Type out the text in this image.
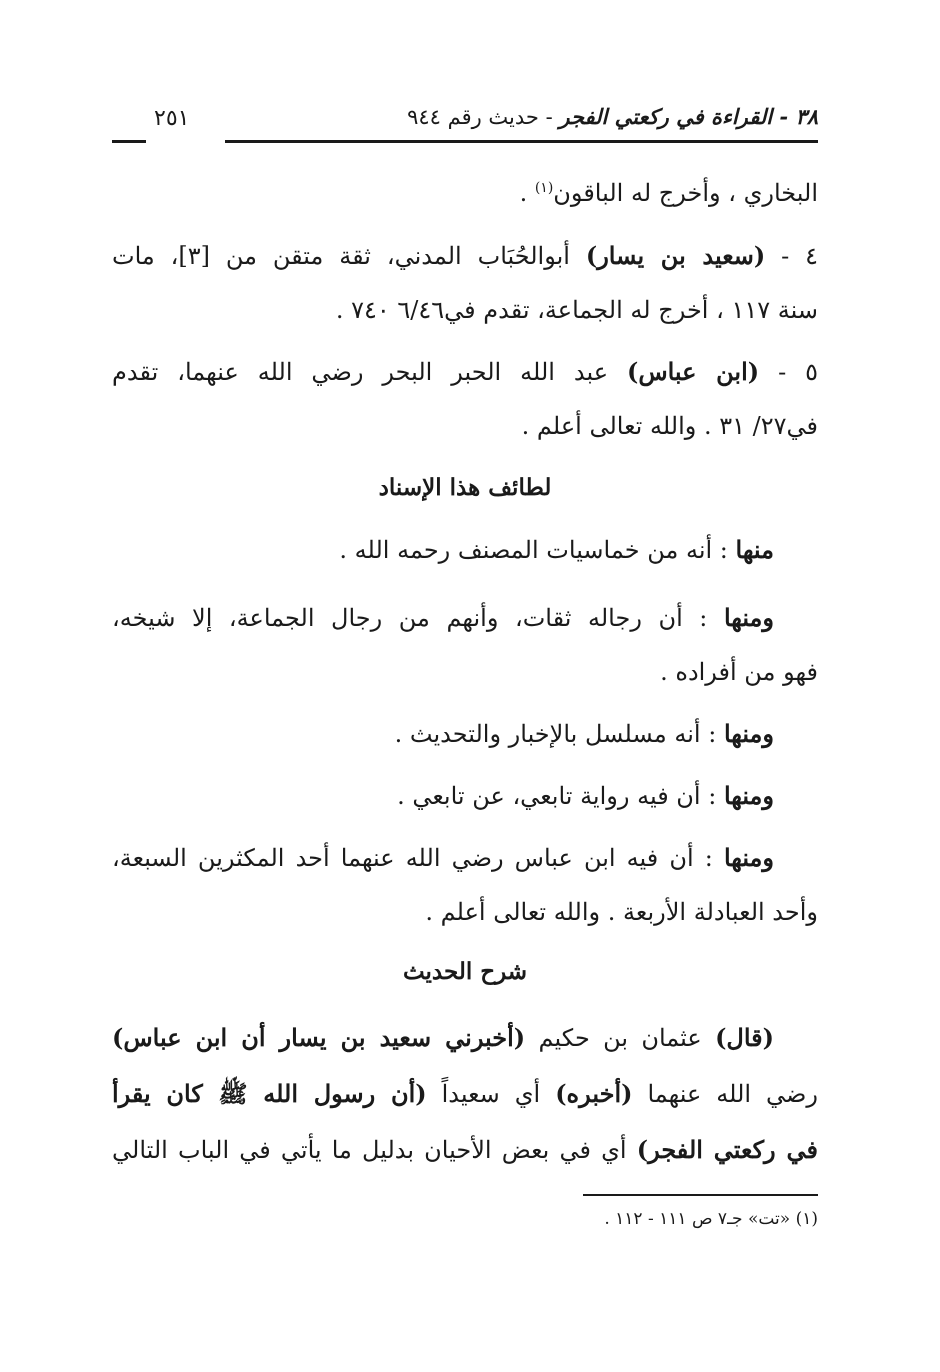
٣٨ - القراءة في ركعتي الفجر - حديث رقم ٩٤٤
٢٥١
البخاري ، وأخرج له الباقون$^{(١)}$ .
٤ - (سعيد بن يسار) أبوالحُبَاب المدني، ثقة متقن من [٣]، مات
سنة ١١٧ ، أخرج له الجماعة، تقدم في٦/٤٦ ٧٤٠ .
٥ - (ابن عباس) عبد الله الحبر البحر رضي الله عنهما، تقدم
في٢٧/ ٣١ . والله تعالى أعلم .
لطائف هذا الإسناد
منها : أنه من خماسيات المصنف رحمه الله .
ومنها : أن رجاله ثقات، وأنهم من رجال الجماعة، إلا شيخه،
فهو من أفراده .
ومنها : أنه مسلسل بالإخبار والتحديث .
ومنها : أن فيه رواية تابعي، عن تابعي .
ومنها : أن فيه ابن عباس رضي الله عنهما أحد المكثرين السبعة،
وأحد العبادلة الأربعة . والله تعالى أعلم .
شرح الحديث
(قال) عثمان بن حكيم (أخبرني سعيد بن يسار أن ابن عباس)
رضي الله عنهما (أخبره) أي سعيداً (أن رسول الله ﷺ كان يقرأ
في ركعتي الفجر) أي في بعض الأحيان بدليل ما يأتي في الباب التالي
(١) «تت» جـ٧ ص ١١١ - ١١٢ .
